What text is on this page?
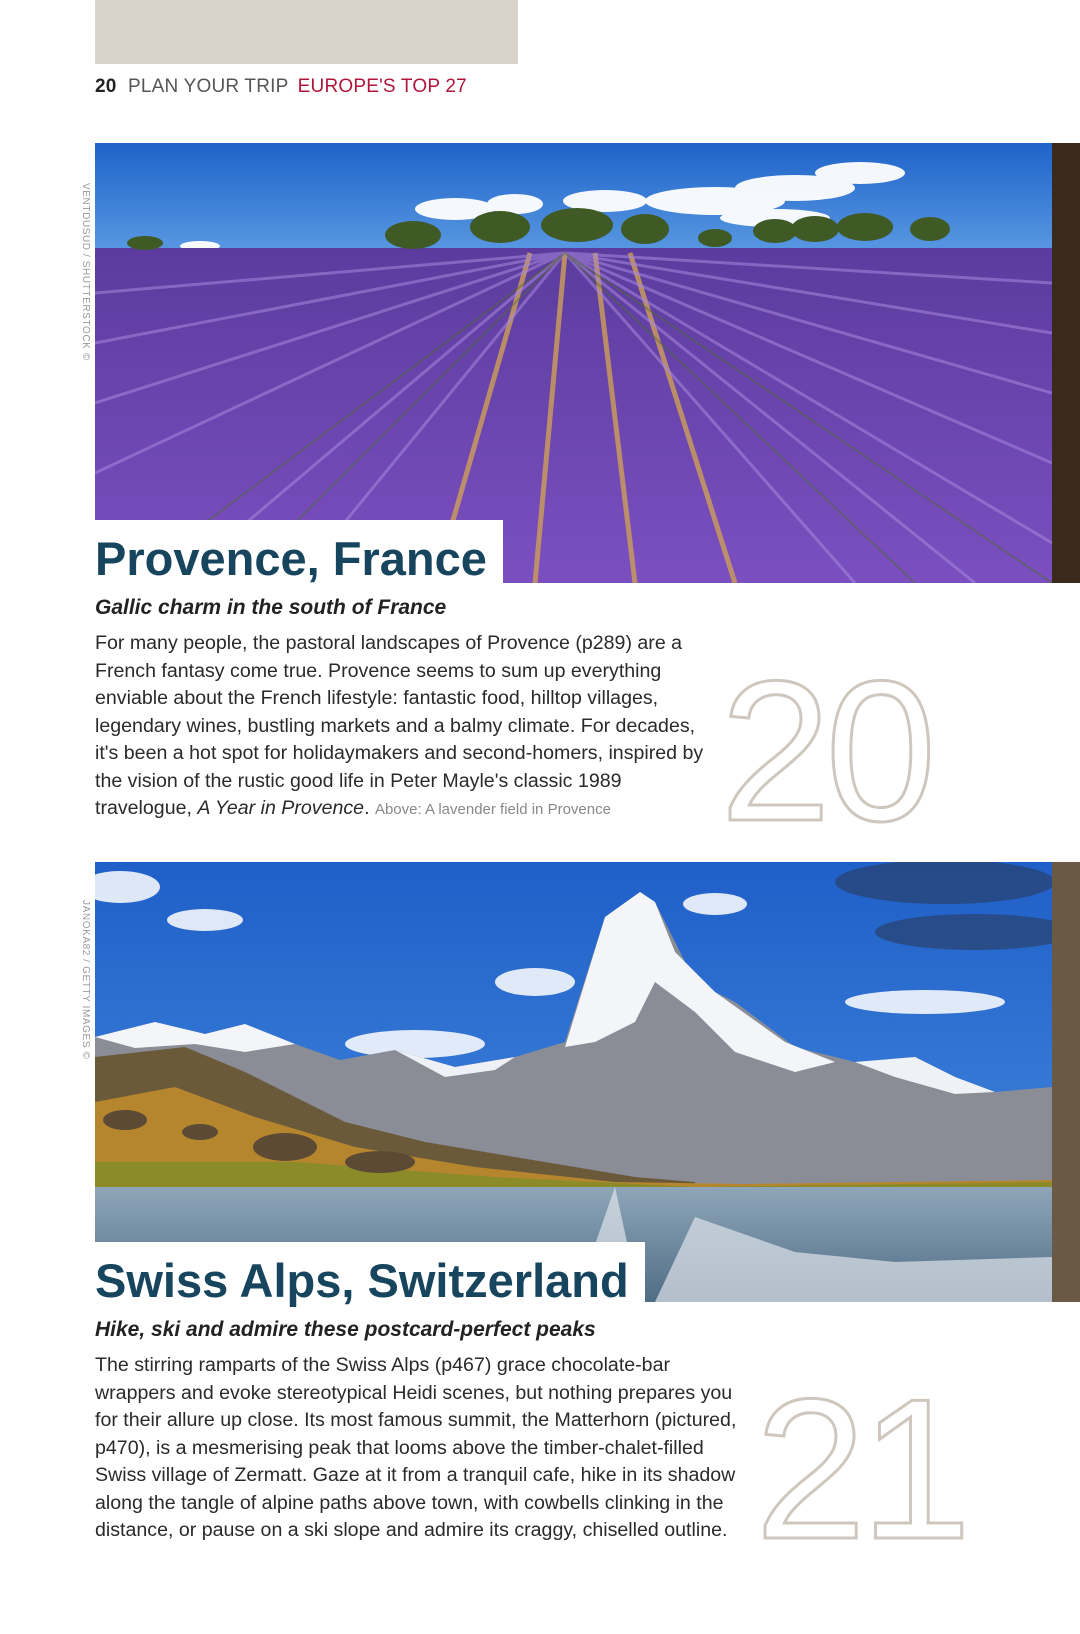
20 PLAN YOUR TRIP EUROPE'S TOP 27
VENTDUSUD / SHUTTERSTOCK ©
Provence, France
Gallic charm in the south of France

For many people, the pastoral landscapes of Provence (p289) are a French fantasy come true. Provence seems to sum up everything enviable about the French lifestyle: fantastic food, hilltop villages, legendary wines, bustling markets and a balmy climate. For decades, it's been a hot spot for holidaymakers and second-homers, inspired by the vision of the rustic good life in Peter Mayle's classic 1989 travelogue, A Year in Provence. Above: A lavender field in Provence 20
JANOKA82 / GETTY IMAGES ©
Swiss Alps, Switzerland
Hike, ski and admire these postcard-perfect peaks

The stirring ramparts of the Swiss Alps (p467) grace chocolate-bar wrappers and evoke stereotypical Heidi scenes, but nothing prepares you for their allure up close. Its most famous summit, the Matterhorn (pictured, p470), is a mesmerising peak that looms above the timber-chalet-filled Swiss village of Zermatt. Gaze at it from a tranquil cafe, hike in its shadow along the tangle of alpine paths above town, with cowbells clinking in the distance, or pause on a ski slope and admire its craggy, chiselled outline. 21
